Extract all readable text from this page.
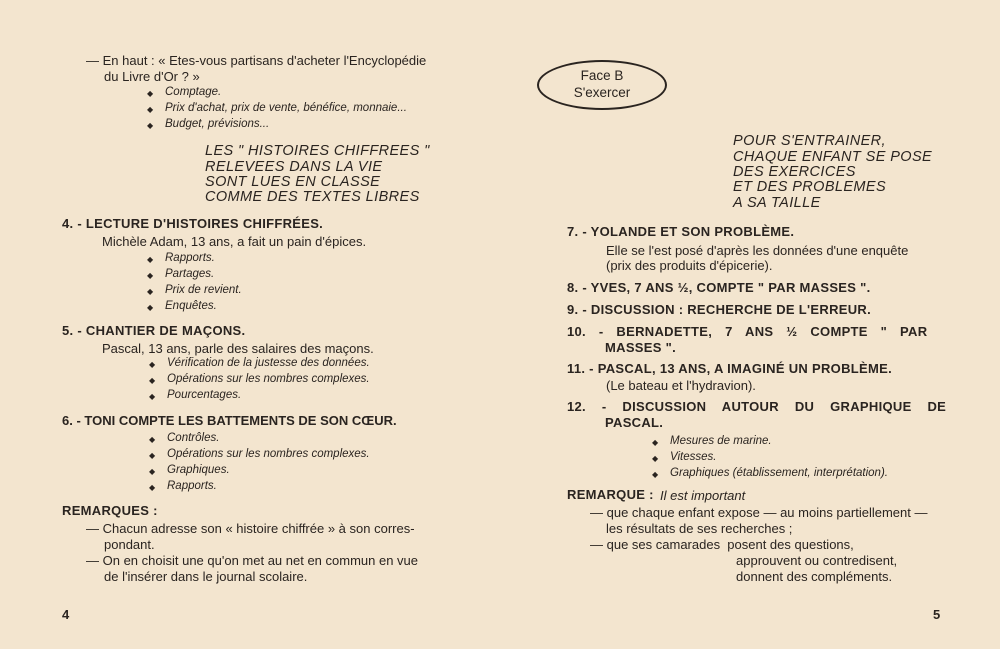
— En haut : « Etes-vous partisans d'acheter l'Encyclopédie
du Livre d'Or ? »
◆ Comptage.
◆ Prix d'achat, prix de vente, bénéfice, monnaie...
◆ Budget, prévisions...
LES " HISTOIRES CHIFFREES "
RELEVEES DANS LA VIE
SONT LUES EN CLASSE
COMME DES TEXTES LIBRES
4. - LECTURE D'HISTOIRES CHIFFRÉES.
Michèle Adam, 13 ans, a fait un pain d'épices.
◆ Rapports.
◆ Partages.
◆ Prix de revient.
◆ Enquêtes.
5. - CHANTIER DE MAÇONS.
Pascal, 13 ans, parle des salaires des maçons.
◆ Vérification de la justesse des données.
◆ Opérations sur les nombres complexes.
◆ Pourcentages.
6. - TONI COMPTE LES BATTEMENTS DE SON CŒUR.
◆ Contrôles.
◆ Opérations sur les nombres complexes.
◆ Graphiques.
◆ Rapports.
REMARQUES :
— Chacun adresse son « histoire chiffrée » à son corres-
pondant.
— On en choisit une qu'on met au net en commun en vue
de l'insérer dans le journal scolaire.
4	5
Face B
S'exercer
POUR S'ENTRAINER,
CHAQUE ENFANT SE POSE
DES EXERCICES
ET DES PROBLEMES
A SA TAILLE
7. - YOLANDE ET SON PROBLÈME.
Elle se l'est posé d'après les données d'une enquête
(prix des produits d'épicerie).
8. - YVES, 7 ANS ½, COMPTE " PAR MASSES ".
9. - DISCUSSION : RECHERCHE DE L'ERREUR.
10. - BERNADETTE, 7 ANS ½ COMPTE " PAR
MASSES ".
11. - PASCAL, 13 ANS, A IMAGINÉ UN PROBLÈME.
(Le bateau et l'hydravion).
12. - DISCUSSION AUTOUR DU GRAPHIQUE DE
PASCAL.
◆ Mesures de marine.
◆ Vitesses.
◆ Graphiques (établissement, interprétation).
REMARQUE : Il est important
— que chaque enfant expose — au moins partiellement —
les résultats de ses recherches ;
— que ses camarades  posent des questions,
approuvent ou contredisent,
donnent des compléments.
